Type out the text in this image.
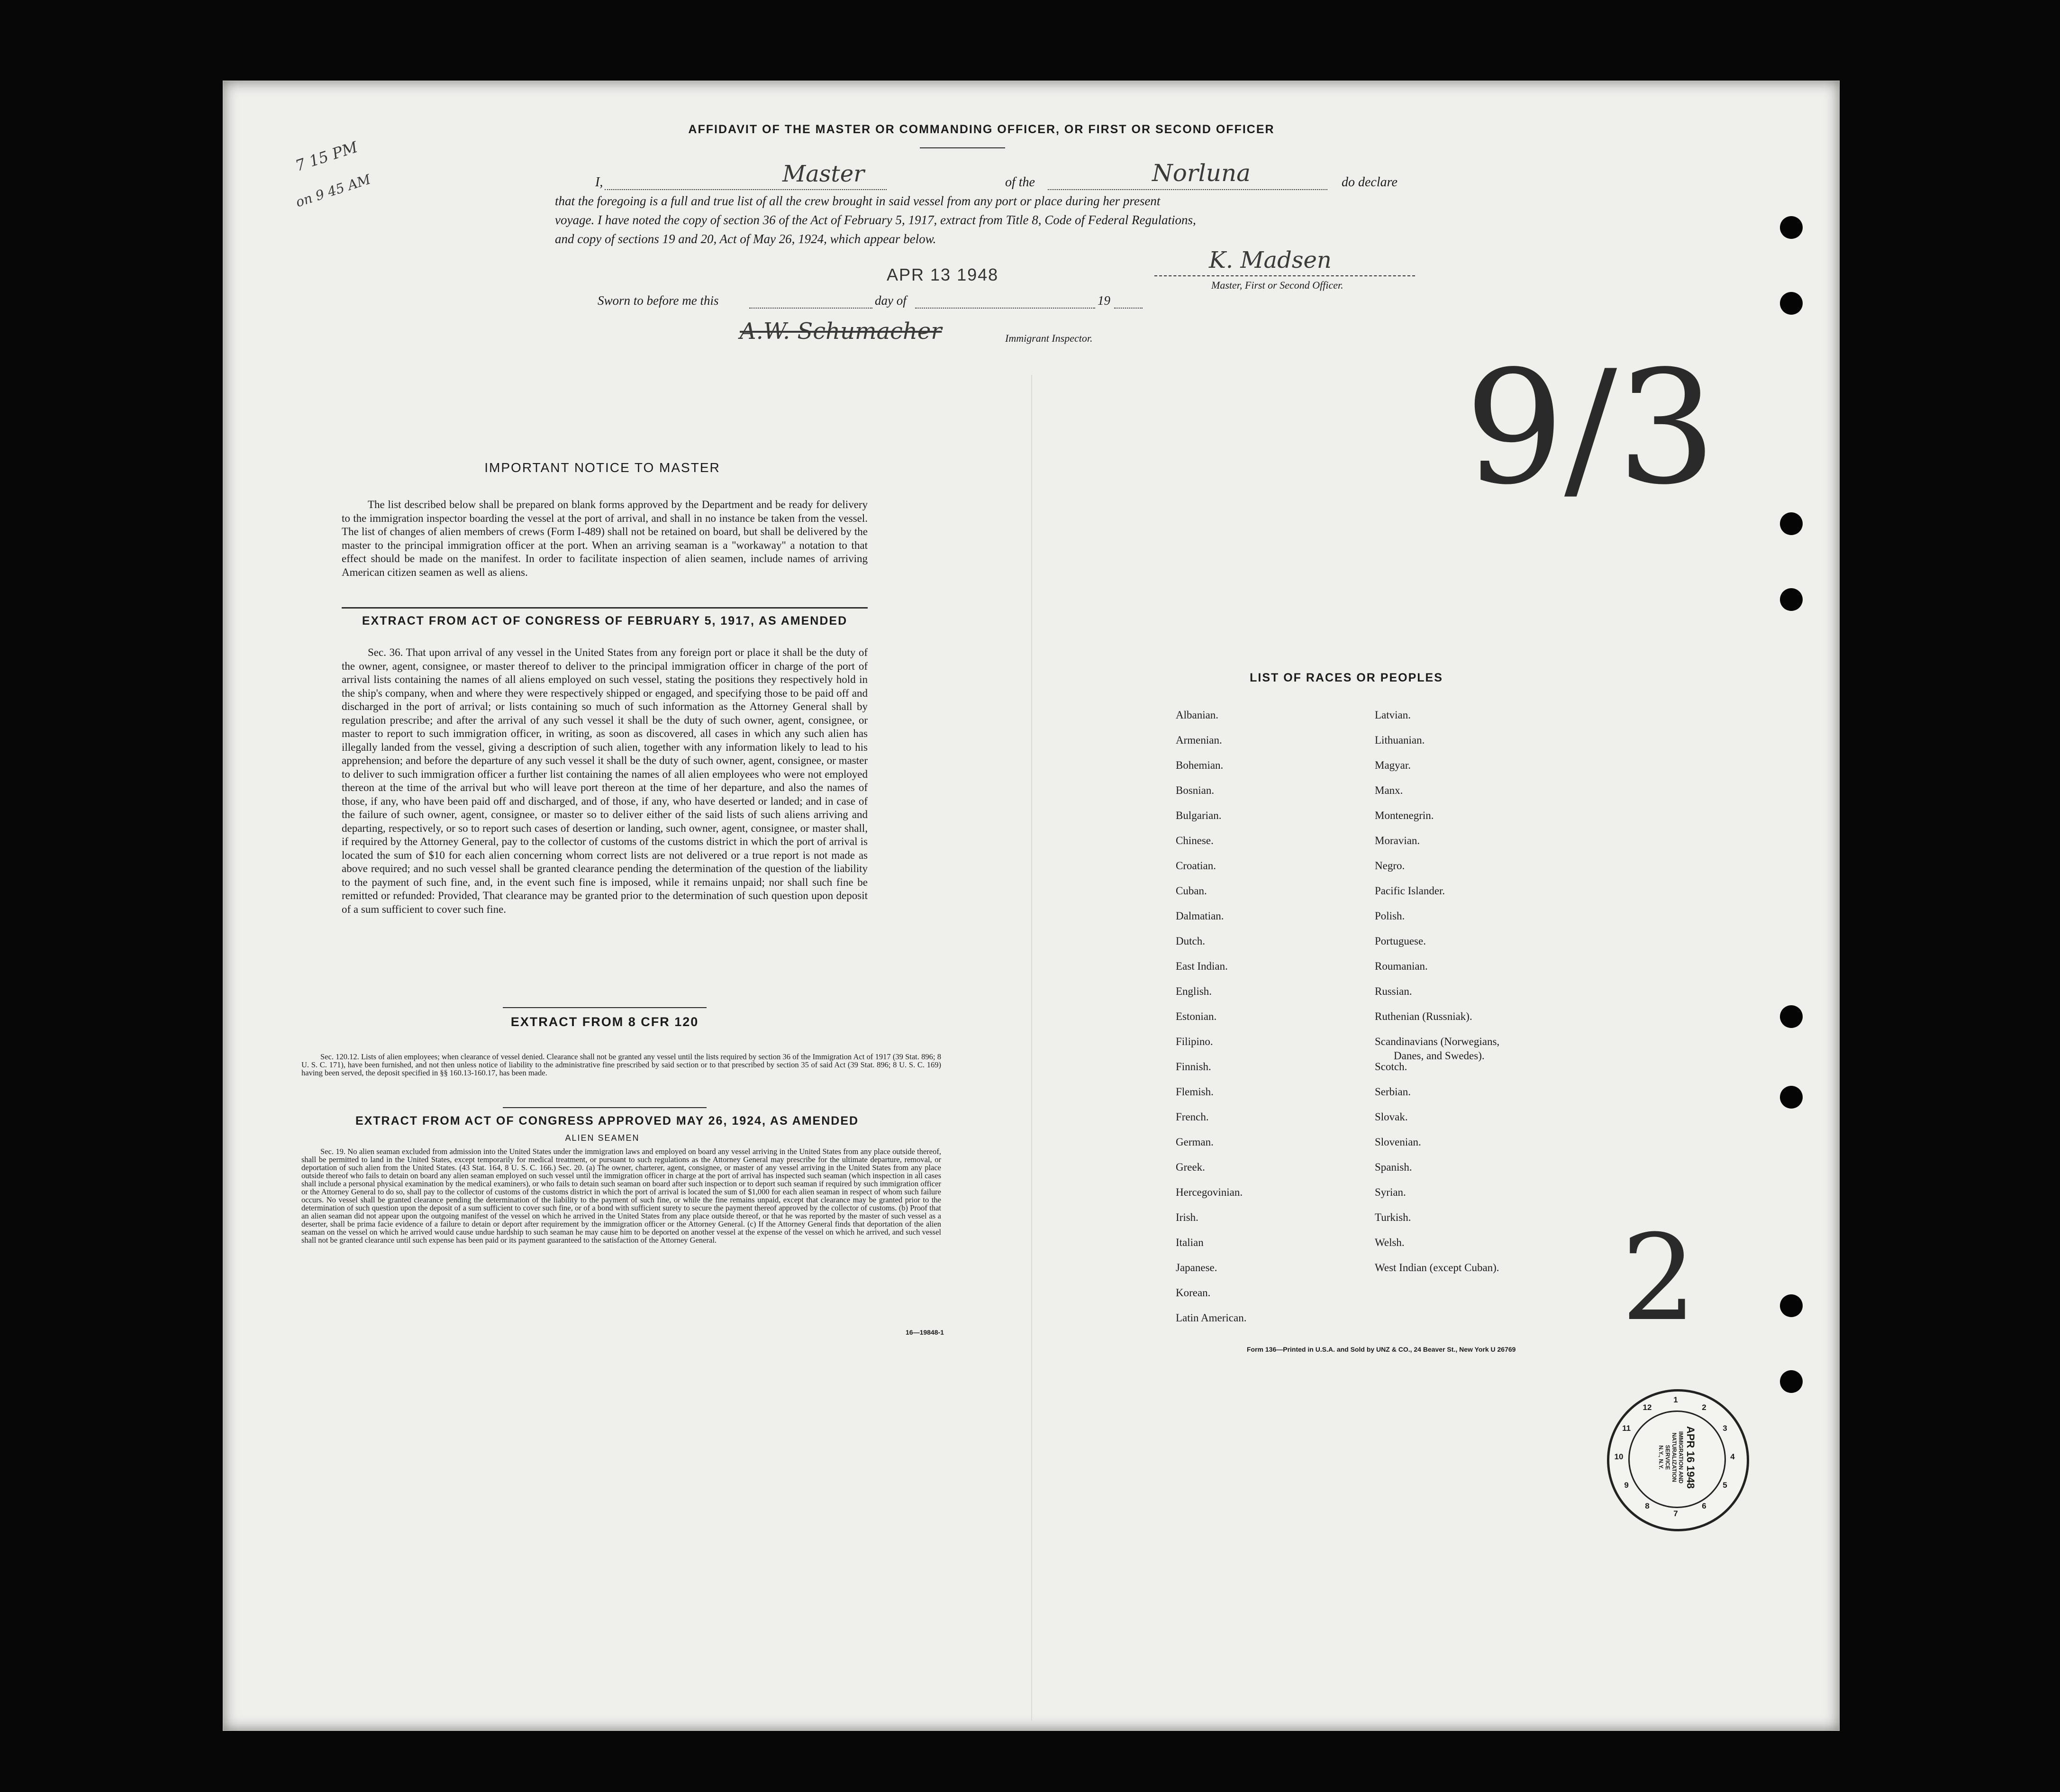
AFFIDAVIT OF THE MASTER OR COMMANDING OFFICER, OR FIRST OR SECOND OFFICER
I,	Master	of the	Norluna	do declare
that the foregoing is a full and true list of all the crew brought in said vessel from any port or place during her present
voyage. I have noted the copy of section 36 of the Act of February 5, 1917, extract from Title 8, Code of Federal Regulations,
and copy of sections 19 and 20, Act of May 26, 1924, which appear below.
APR 13 1948
K. Madsen
Master, First or Second Officer.
Sworn to before me this	day of	19
A.W. Schumacher	Immigrant Inspector.
7 15 PM
on 9 45 AM
9/3
2
IMPORTANT NOTICE TO MASTER
The list described below shall be prepared on blank forms approved by the Department and be ready for delivery to the immigration inspector boarding the vessel at the port of arrival, and shall in no instance be taken from the vessel. The list of changes of alien members of crews (Form I-489) shall not be retained on board, but shall be delivered by the master to the principal immigration officer at the port. When an arriving seaman is a "workaway" a notation to that effect should be made on the manifest. In order to facilitate inspection of alien seamen, include names of arriving American citizen seamen as well as aliens.
EXTRACT FROM ACT OF CONGRESS OF FEBRUARY 5, 1917, AS AMENDED
Sec. 36. That upon arrival of any vessel in the United States from any foreign port or place it shall be the duty of the owner, agent, consignee, or master thereof to deliver to the principal immigration officer in charge of the port of arrival lists containing the names of all aliens employed on such vessel, stating the positions they respectively hold in the ship's company, when and where they were respectively shipped or engaged, and specifying those to be paid off and discharged in the port of arrival; or lists containing so much of such information as the Attorney General shall by regulation prescribe; and after the arrival of any such vessel it shall be the duty of such owner, agent, consignee, or master to report to such immigration officer, in writing, as soon as discovered, all cases in which any such alien has illegally landed from the vessel, giving a description of such alien, together with any information likely to lead to his apprehension; and before the departure of any such vessel it shall be the duty of such owner, agent, consignee, or master to deliver to such immigration officer a further list containing the names of all alien employees who were not employed thereon at the time of the arrival but who will leave port thereon at the time of her departure, and also the names of those, if any, who have been paid off and discharged, and of those, if any, who have deserted or landed; and in case of the failure of such owner, agent, consignee, or master so to deliver either of the said lists of such aliens arriving and departing, respectively, or so to report such cases of desertion or landing, such owner, agent, consignee, or master shall, if required by the Attorney General, pay to the collector of customs of the customs district in which the port of arrival is located the sum of $10 for each alien concerning whom correct lists are not delivered or a true report is not made as above required; and no such vessel shall be granted clearance pending the determination of the question of the liability to the payment of such fine, and, in the event such fine is imposed, while it remains unpaid; nor shall such fine be remitted or refunded: Provided, That clearance may be granted prior to the determination of such question upon deposit of a sum sufficient to cover such fine.
EXTRACT FROM 8 CFR 120
Sec. 120.12. Lists of alien employees; when clearance of vessel denied. Clearance shall not be granted any vessel until the lists required by section 36 of the Immigration Act of 1917 (39 Stat. 896; 8 U. S. C. 171), have been furnished, and not then unless notice of liability to the administrative fine prescribed by said section or to that prescribed by section 35 of said Act (39 Stat. 896; 8 U. S. C. 169) having been served, the deposit specified in §§ 160.13-160.17, has been made.
EXTRACT FROM ACT OF CONGRESS APPROVED MAY 26, 1924, AS AMENDED
ALIEN SEAMEN
Sec. 19. No alien seaman excluded from admission into the United States under the immigration laws and employed on board any vessel arriving in the United States from any place outside thereof, shall be permitted to land in the United States, except temporarily for medical treatment, or pursuant to such regulations as the Attorney General may prescribe for the ultimate departure, removal, or deportation of such alien from the United States. (43 Stat. 164, 8 U. S. C. 166.) Sec. 20. (a) The owner, charterer, agent, consignee, or master of any vessel arriving in the United States from any place outside thereof who fails to detain on board any alien seaman employed on such vessel until the immigration officer in charge at the port of arrival has inspected such seaman (which inspection in all cases shall include a personal physical examination by the medical examiners), or who fails to detain such seaman on board after such inspection or to deport such seaman if required by such immigration officer or the Attorney General to do so, shall pay to the collector of customs of the customs district in which the port of arrival is located the sum of $1,000 for each alien seaman in respect of whom such failure occurs. No vessel shall be granted clearance pending the determination of the liability to the payment of such fine, or while the fine remains unpaid, except that clearance may be granted prior to the determination of such question upon the deposit of a sum sufficient to cover such fine, or of a bond with sufficient surety to secure the payment thereof approved by the collector of customs. (b) Proof that an alien seaman did not appear upon the outgoing manifest of the vessel on which he arrived in the United States from any place outside thereof, or that he was reported by the master of such vessel as a deserter, shall be prima facie evidence of a failure to detain or deport after requirement by the immigration officer or the Attorney General. (c) If the Attorney General finds that deportation of the alien seaman on the vessel on which he arrived would cause undue hardship to such seaman he may cause him to be deported on another vessel at the expense of the vessel on which he arrived, and such vessel shall not be granted clearance until such expense has been paid or its payment guaranteed to the satisfaction of the Attorney General.
16—19848-1
LIST OF RACES OR PEOPLES
Albanian.
Armenian.
Bohemian.
Bosnian.
Bulgarian.
Chinese.
Croatian.
Cuban.
Dalmatian.
Dutch.
East Indian.
English.
Estonian.
Filipino.
Finnish.
Flemish.
French.
German.
Greek.
Hercegovinian.
Irish.
Italian
Japanese.
Korean.
Latin American.
Latvian.
Lithuanian.
Magyar.
Manx.
Montenegrin.
Moravian.
Negro.
Pacific Islander.
Polish.
Portuguese.
Roumanian.
Russian.
Ruthenian (Russniak).
Scandinavians (Norwegians,
Danes, and Swedes).
Scotch.
Serbian.
Slovak.
Slovenian.
Spanish.
Syrian.
Turkish.
Welsh.
West Indian (except Cuban).
Form 136—Printed in U.S.A. and Sold by UNZ & CO., 24 Beaver St., New York U 26769
APR 16 1948
IMMIGRATION AND
NATURALIZATION
SERVICE
N.Y., N.Y.
1
2
3
4
5
6
7
8
9
10
11
12
